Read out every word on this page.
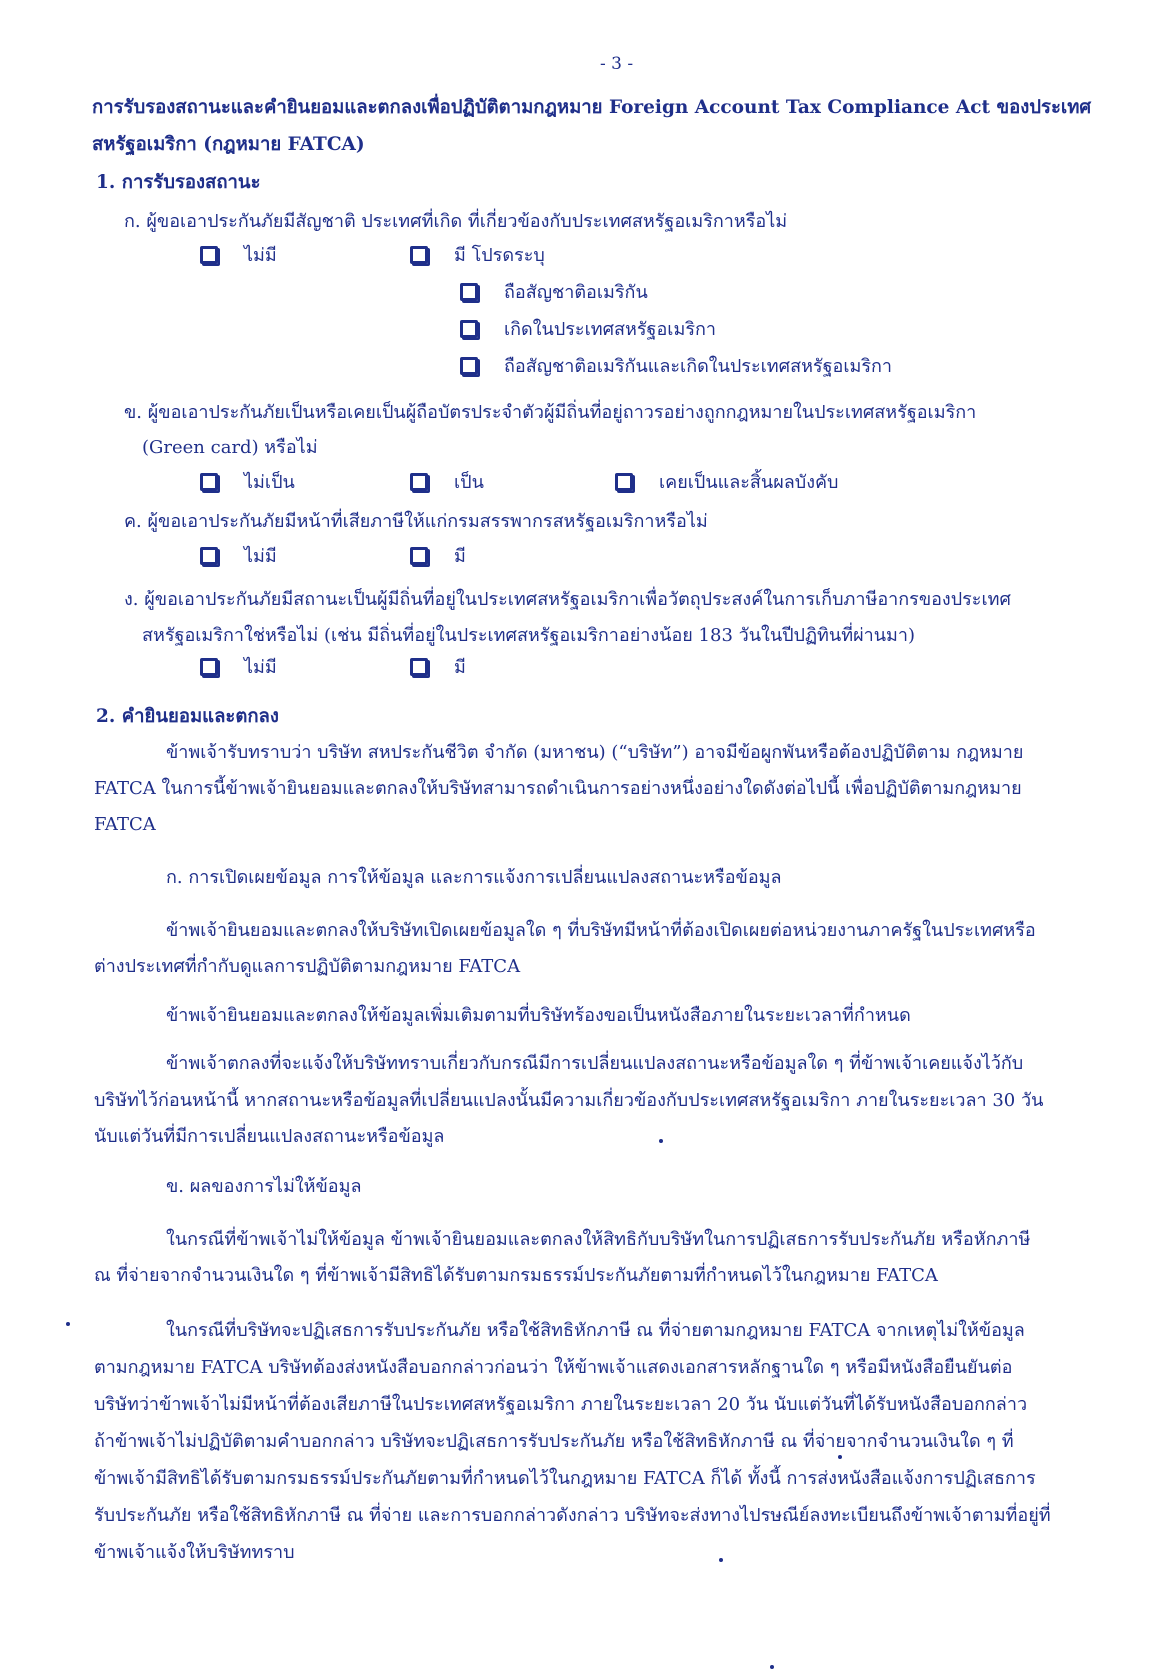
- 3 -
การรับรองสถานะและคำยินยอมและตกลงเพื่อปฏิบัติตามกฎหมาย Foreign Account Tax Compliance Act ของประเทศ
สหรัฐอเมริกา (กฎหมาย FATCA)
1. การรับรองสถานะ
ก. ผู้ขอเอาประกันภัยมีสัญชาติ ประเทศที่เกิด ที่เกี่ยวข้องกับประเทศสหรัฐอเมริกาหรือไม่
ไม่มี	มี โปรดระบุ
ถือสัญชาติอเมริกัน
เกิดในประเทศสหรัฐอเมริกา
ถือสัญชาติอเมริกันและเกิดในประเทศสหรัฐอเมริกา
ข. ผู้ขอเอาประกันภัยเป็นหรือเคยเป็นผู้ถือบัตรประจำตัวผู้มีถิ่นที่อยู่ถาวรอย่างถูกกฎหมายในประเทศสหรัฐอเมริกา
(Green card) หรือไม่
ไม่เป็น	เป็น	เคยเป็นและสิ้นผลบังคับ
ค. ผู้ขอเอาประกันภัยมีหน้าที่เสียภาษีให้แก่กรมสรรพากรสหรัฐอเมริกาหรือไม่
ไม่มี	มี
ง. ผู้ขอเอาประกันภัยมีสถานะเป็นผู้มีถิ่นที่อยู่ในประเทศสหรัฐอเมริกาเพื่อวัตถุประสงค์ในการเก็บภาษีอากรของประเทศ
สหรัฐอเมริกาใช่หรือไม่ (เช่น มีถิ่นที่อยู่ในประเทศสหรัฐอเมริกาอย่างน้อย 183 วันในปีปฏิทินที่ผ่านมา)
ไม่มี	มี
2. คำยินยอมและตกลง
ข้าพเจ้ารับทราบว่า บริษัท สหประกันชีวิต จำกัด (มหาชน) (“บริษัท”) อาจมีข้อผูกพันหรือต้องปฏิบัติตาม กฎหมาย
FATCA ในการนี้ข้าพเจ้ายินยอมและตกลงให้บริษัทสามารถดำเนินการอย่างหนึ่งอย่างใดดังต่อไปนี้ เพื่อปฏิบัติตามกฎหมาย
FATCA
ก. การเปิดเผยข้อมูล การให้ข้อมูล และการแจ้งการเปลี่ยนแปลงสถานะหรือข้อมูล
ข้าพเจ้ายินยอมและตกลงให้บริษัทเปิดเผยข้อมูลใด ๆ ที่บริษัทมีหน้าที่ต้องเปิดเผยต่อหน่วยงานภาครัฐในประเทศหรือ
ต่างประเทศที่กำกับดูแลการปฏิบัติตามกฎหมาย FATCA
ข้าพเจ้ายินยอมและตกลงให้ข้อมูลเพิ่มเติมตามที่บริษัทร้องขอเป็นหนังสือภายในระยะเวลาที่กำหนด
ข้าพเจ้าตกลงที่จะแจ้งให้บริษัททราบเกี่ยวกับกรณีมีการเปลี่ยนแปลงสถานะหรือข้อมูลใด ๆ ที่ข้าพเจ้าเคยแจ้งไว้กับ
บริษัทไว้ก่อนหน้านี้ หากสถานะหรือข้อมูลที่เปลี่ยนแปลงนั้นมีความเกี่ยวข้องกับประเทศสหรัฐอเมริกา ภายในระยะเวลา 30 วัน
นับแต่วันที่มีการเปลี่ยนแปลงสถานะหรือข้อมูล
ข. ผลของการไม่ให้ข้อมูล
ในกรณีที่ข้าพเจ้าไม่ให้ข้อมูล ข้าพเจ้ายินยอมและตกลงให้สิทธิกับบริษัทในการปฏิเสธการรับประกันภัย หรือหักภาษี
ณ ที่จ่ายจากจำนวนเงินใด ๆ ที่ข้าพเจ้ามีสิทธิได้รับตามกรมธรรม์ประกันภัยตามที่กำหนดไว้ในกฎหมาย FATCA
ในกรณีที่บริษัทจะปฏิเสธการรับประกันภัย หรือใช้สิทธิหักภาษี ณ ที่จ่ายตามกฎหมาย FATCA จากเหตุไม่ให้ข้อมูล
ตามกฎหมาย FATCA บริษัทต้องส่งหนังสือบอกกล่าวก่อนว่า ให้ข้าพเจ้าแสดงเอกสารหลักฐานใด ๆ หรือมีหนังสือยืนยันต่อ
บริษัทว่าข้าพเจ้าไม่มีหน้าที่ต้องเสียภาษีในประเทศสหรัฐอเมริกา ภายในระยะเวลา 20 วัน นับแต่วันที่ได้รับหนังสือบอกกล่าว
ถ้าข้าพเจ้าไม่ปฏิบัติตามคำบอกกล่าว บริษัทจะปฏิเสธการรับประกันภัย หรือใช้สิทธิหักภาษี ณ ที่จ่ายจากจำนวนเงินใด ๆ ที่
ข้าพเจ้ามีสิทธิได้รับตามกรมธรรม์ประกันภัยตามที่กำหนดไว้ในกฎหมาย FATCA ก็ได้ ทั้งนี้ การส่งหนังสือแจ้งการปฏิเสธการ
รับประกันภัย หรือใช้สิทธิหักภาษี ณ ที่จ่าย และการบอกกล่าวดังกล่าว บริษัทจะส่งทางไปรษณีย์ลงทะเบียนถึงข้าพเจ้าตามที่อยู่ที่
ข้าพเจ้าแจ้งให้บริษัททราบ
